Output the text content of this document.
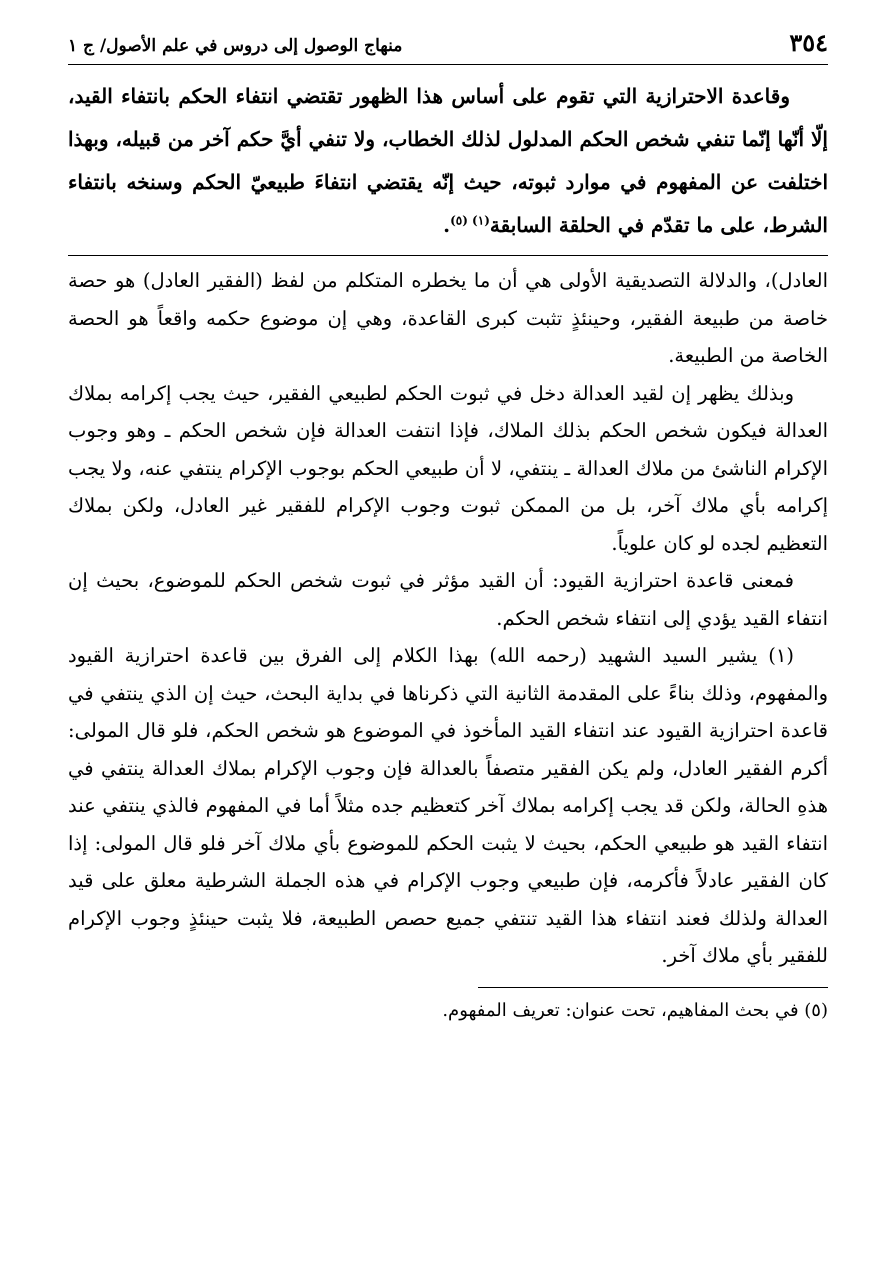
٣٥٤
منهاج الوصول إلى دروس في علم الأصول/ ج ١

وقاعدة الاحترازية التي تقوم على أساس هذا الظهور تقتضي انتفاء الحكم بانتفاء القيد، إلّا أنّها إنّما تنفي شخص الحكم المدلول لذلك الخطاب، ولا تنفي أيَّ حكم آخر من قبيله، وبهذا اختلفت عن المفهوم في موارد ثبوته، حيث إنّه يقتضي انتفاءَ طبيعيّ الحكم وسنخه بانتفاء الشرط، على ما تقدّم في الحلقة السابقة$^{(١) (٥)}$.

العادل)، والدلالة التصديقية الأولى هي أن ما يخطره المتكلم من لفظ (الفقير العادل) هو حصة خاصة من طبيعة الفقير، وحينئذٍ تثبت كبرى القاعدة، وهي إن موضوع حكمه واقعاً هو الحصة الخاصة من الطبيعة.

وبذلك يظهر إن لقيد العدالة دخل في ثبوت الحكم لطبيعي الفقير، حيث يجب إكرامه بملاك العدالة فيكون شخص الحكم بذلك الملاك، فإذا انتفت العدالة فإن شخص الحكم ـ وهو وجوب الإكرام الناشئ من ملاك العدالة ـ ينتفي، لا أن طبيعي الحكم بوجوب الإكرام ينتفي عنه، ولا يجب إكرامه بأي ملاك آخر، بل من الممكن ثبوت وجوب الإكرام للفقير غير العادل، ولكن بملاك التعظيم لجده لو كان علوياً.

فمعنى قاعدة احترازية القيود: أن القيد مؤثر في ثبوت شخص الحكم للموضوع، بحيث إن انتفاء القيد يؤدي إلى انتفاء شخص الحكم.

(١) يشير السيد الشهيد (رحمه الله) بهذا الكلام إلى الفرق بين قاعدة احترازية القيود والمفهوم، وذلك بناءً على المقدمة الثانية التي ذكرناها في بداية البحث، حيث إن الذي ينتفي في قاعدة احترازية القيود عند انتفاء القيد المأخوذ في الموضوع هو شخص الحكم، فلو قال المولى: أكرم الفقير العادل، ولم يكن الفقير متصفاً بالعدالة فإن وجوب الإكرام بملاك العدالة ينتفي في هذهِ الحالة، ولكن قد يجب إكرامه بملاك آخر كتعظيم جده مثلاً أما في المفهوم فالذي ينتفي عند انتفاء القيد هو طبيعي الحكم، بحيث لا يثبت الحكم للموضوع بأي ملاك آخر فلو قال المولى: إذا كان الفقير عادلاً فأكرمه، فإن طبيعي وجوب الإكرام في هذه الجملة الشرطية معلق على قيد العدالة ولذلك فعند انتفاء هذا القيد تنتفي جميع حصص الطبيعة، فلا يثبت حينئذٍ وجوب الإكرام للفقير بأي ملاك آخر.

(٥) في بحث المفاهيم، تحت عنوان: تعريف المفهوم.
